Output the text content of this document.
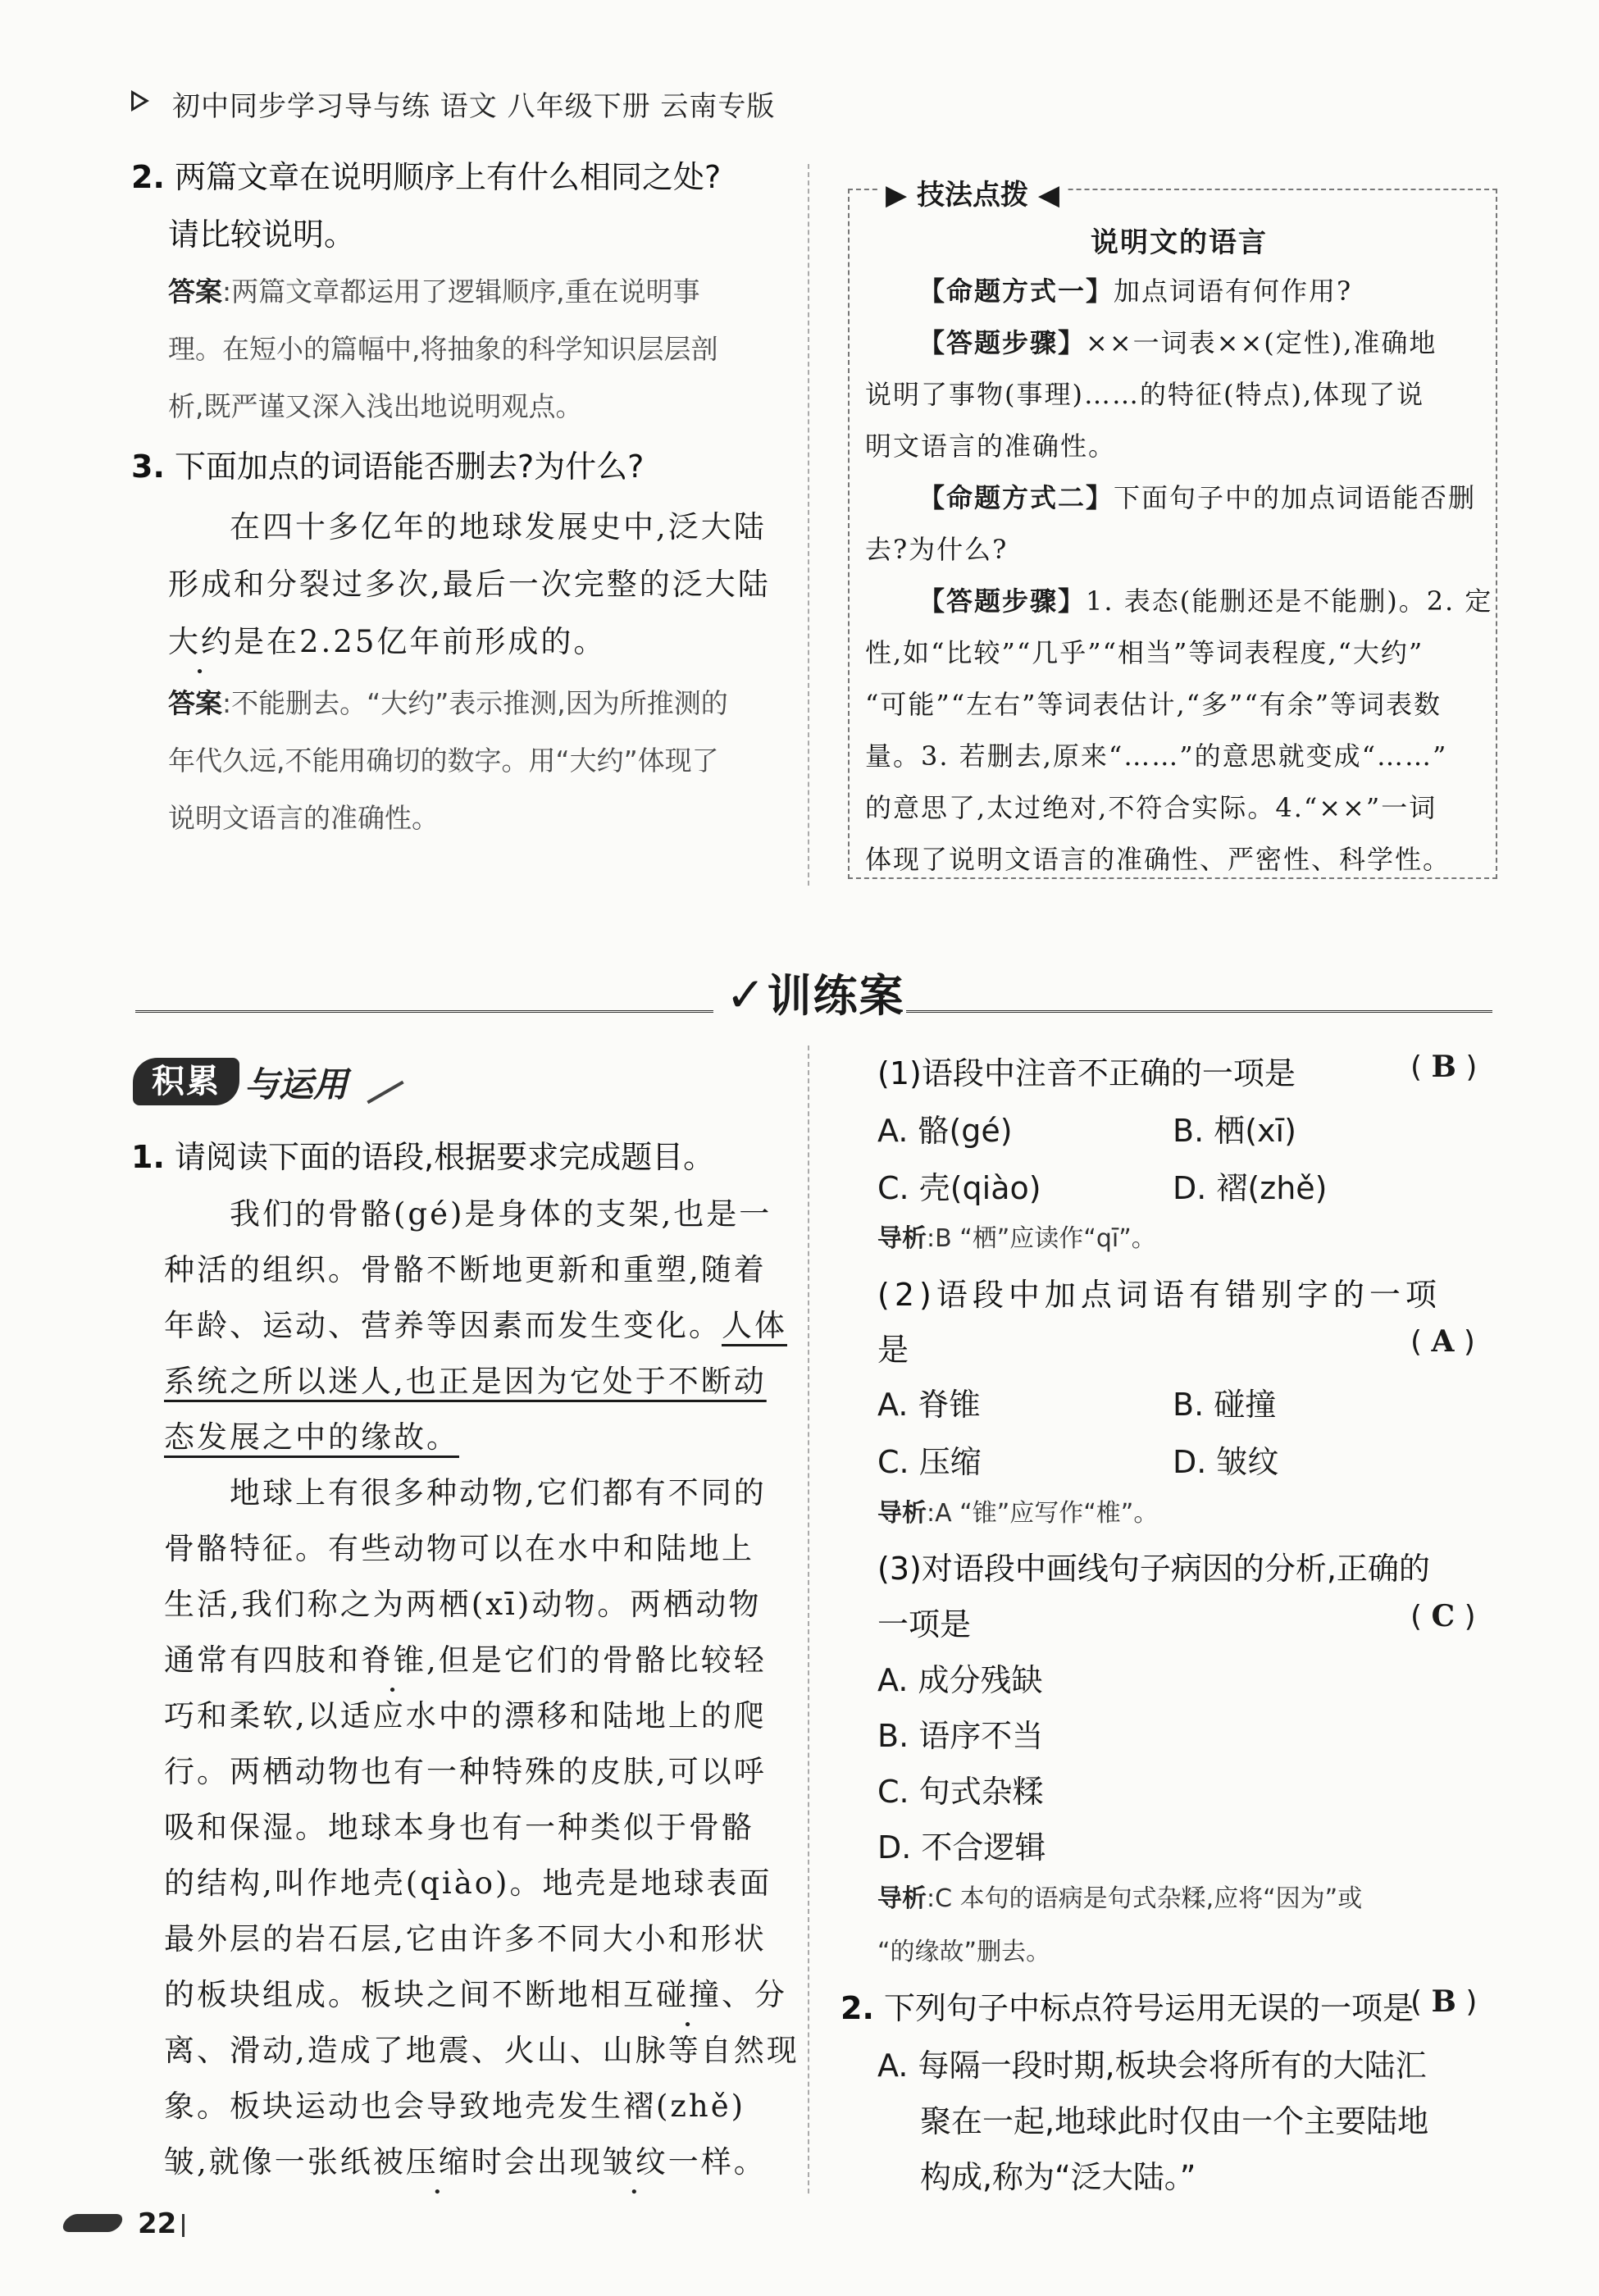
初中同步学习导与练 语文 八年级下册 云南专版
2. 两篇文章在说明顺序上有什么相同之处?
请比较说明。
答案:两篇文章都运用了逻辑顺序,重在说明事
理。在短小的篇幅中,将抽象的科学知识层层剖
析,既严谨又深入浅出地说明观点。
3. 下面加点的词语能否删去?为什么?
在四十多亿年的地球发展史中,泛大陆
形成和分裂过多次,最后一次完整的泛大陆
大约是在2.25亿年前形成的。
答案:不能删去。“大约”表示推测,因为所推测的
年代久远,不能用确切的数字。用“大约”体现了
说明文语言的准确性。
▶ 技法点拨 ◀
说明文的语言
【命题方式一】加点词语有何作用?
【答题步骤】××一词表××(定性),准确地
说明了事物(事理)……的特征(特点),体现了说
明文语言的准确性。
【命题方式二】下面句子中的加点词语能否删
去?为什么?
【答题步骤】1. 表态(能删还是不能删)。2. 定
性,如“比较”“几乎”“相当”等词表程度,“大约”
“可能”“左右”等词表估计,“多”“有余”等词表数
量。3. 若删去,原来“……”的意思就变成“……”
的意思了,太过绝对,不符合实际。4.“××”一词
体现了说明文语言的准确性、严密性、科学性。
✓训练案
积累 与运用
1. 请阅读下面的语段,根据要求完成题目。
我们的骨骼(gé)是身体的支架,也是一
种活的组织。骨骼不断地更新和重塑,随着
年龄、运动、营养等因素而发生变化。人体
系统之所以迷人,也正是因为它处于不断动
态发展之中的缘故。
地球上有很多种动物,它们都有不同的
骨骼特征。有些动物可以在水中和陆地上
生活,我们称之为两栖(xī)动物。两栖动物
通常有四肢和脊锥,但是它们的骨骼比较轻
巧和柔软,以适应水中的漂移和陆地上的爬
行。两栖动物也有一种特殊的皮肤,可以呼
吸和保湿。地球本身也有一种类似于骨骼
的结构,叫作地壳(qiào)。地壳是地球表面
最外层的岩石层,它由许多不同大小和形状
的板块组成。板块之间不断地相互碰撞、分
离、滑动,造成了地震、火山、山脉等自然现
象。板块运动也会导致地壳发生褶(zhě)
皱,就像一张纸被压缩时会出现皱纹一样。
(1)语段中注音不正确的一项是	( B )
A. 骼(gé)	B. 栖(xī)
C. 壳(qiào)	D. 褶(zhě)
导析:B “栖”应读作“qī”。
(2)语段中加点词语有错别字的一项
是	( A )
A. 脊锥	B. 碰撞
C. 压缩	D. 皱纹
导析:A “锥”应写作“椎”。
(3)对语段中画线句子病因的分析,正确的
一项是	( C )
A. 成分残缺
B. 语序不当
C. 句式杂糅
D. 不合逻辑
导析:C 本句的语病是句式杂糅,应将“因为”或
“的缘故”删去。
2. 下列句子中标点符号运用无误的一项是
( B )
A. 每隔一段时期,板块会将所有的大陆汇
聚在一起,地球此时仅由一个主要陆地
构成,称为“泛大陆。”
22
